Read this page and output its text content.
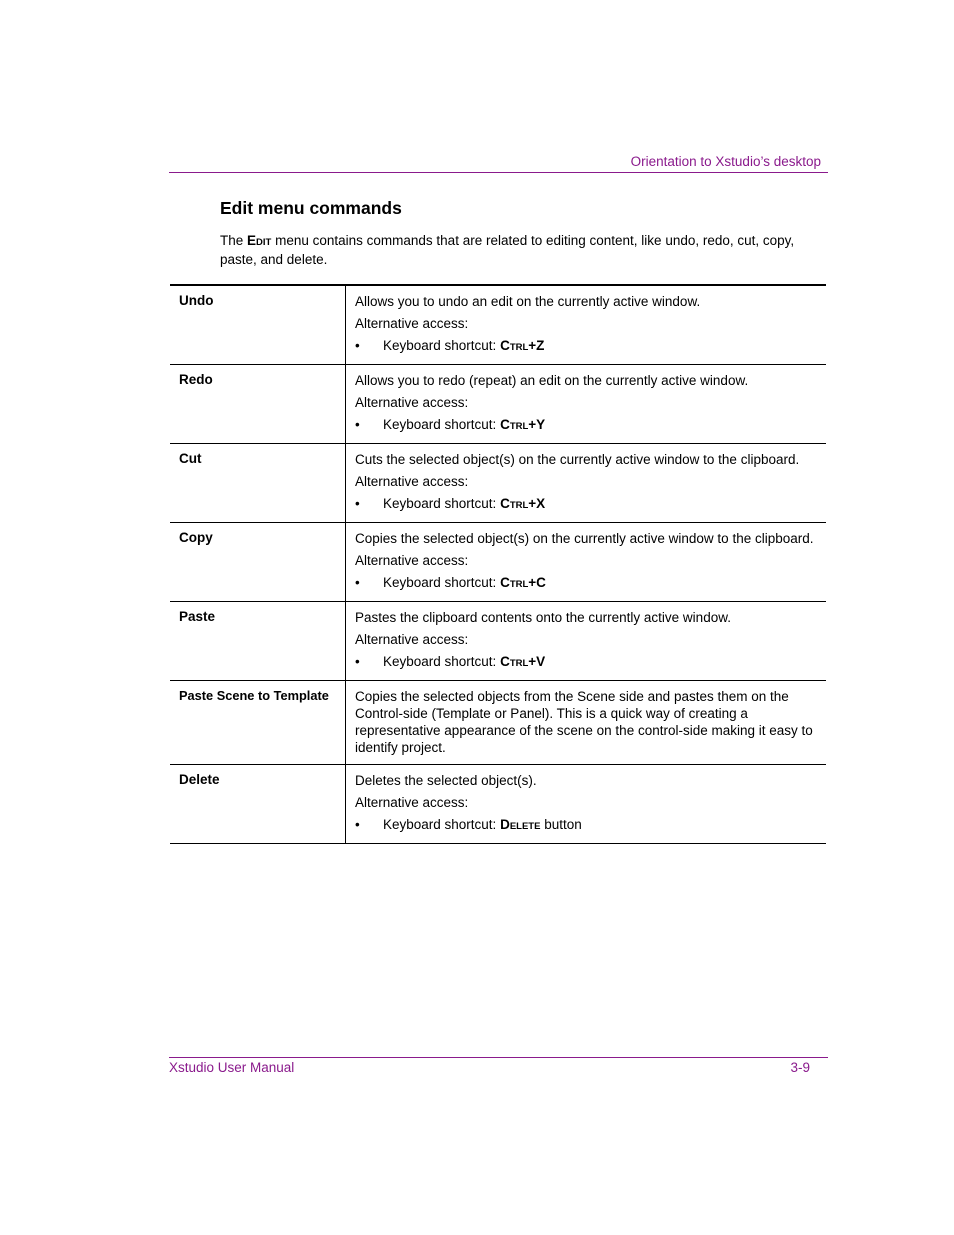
Orientation to Xstudio’s desktop
Edit menu commands
The EDIT menu contains commands that are related to editing content, like undo, redo, cut, copy, paste, and delete.

Undo	Allows you to undo an edit on the currently active window.

Alternative access:

• Keyboard shortcut: CTRL+Z

Redo	Allows you to redo (repeat) an edit on the currently active window.

Alternative access:

• Keyboard shortcut: CTRL+Y

Cut	Cuts the selected object(s) on the currently active window to the clipboard.

Alternative access:

• Keyboard shortcut: CTRL+X

Copy	Copies the selected object(s) on the currently active window to the clipboard.

Alternative access:

• Keyboard shortcut: CTRL+C

Paste	Pastes the clipboard contents onto the currently active window.

Alternative access:

• Keyboard shortcut: CTRL+V

Paste Scene to Template	Copies the selected objects from the Scene side and pastes them on the Control-side (Template or Panel). This is a quick way of creating a representative appearance of the scene on the control-side making it easy to identify project.

Delete	Deletes the selected object(s).

Alternative access:

• Keyboard shortcut: DELETE button

Xstudio User Manual	3-9
